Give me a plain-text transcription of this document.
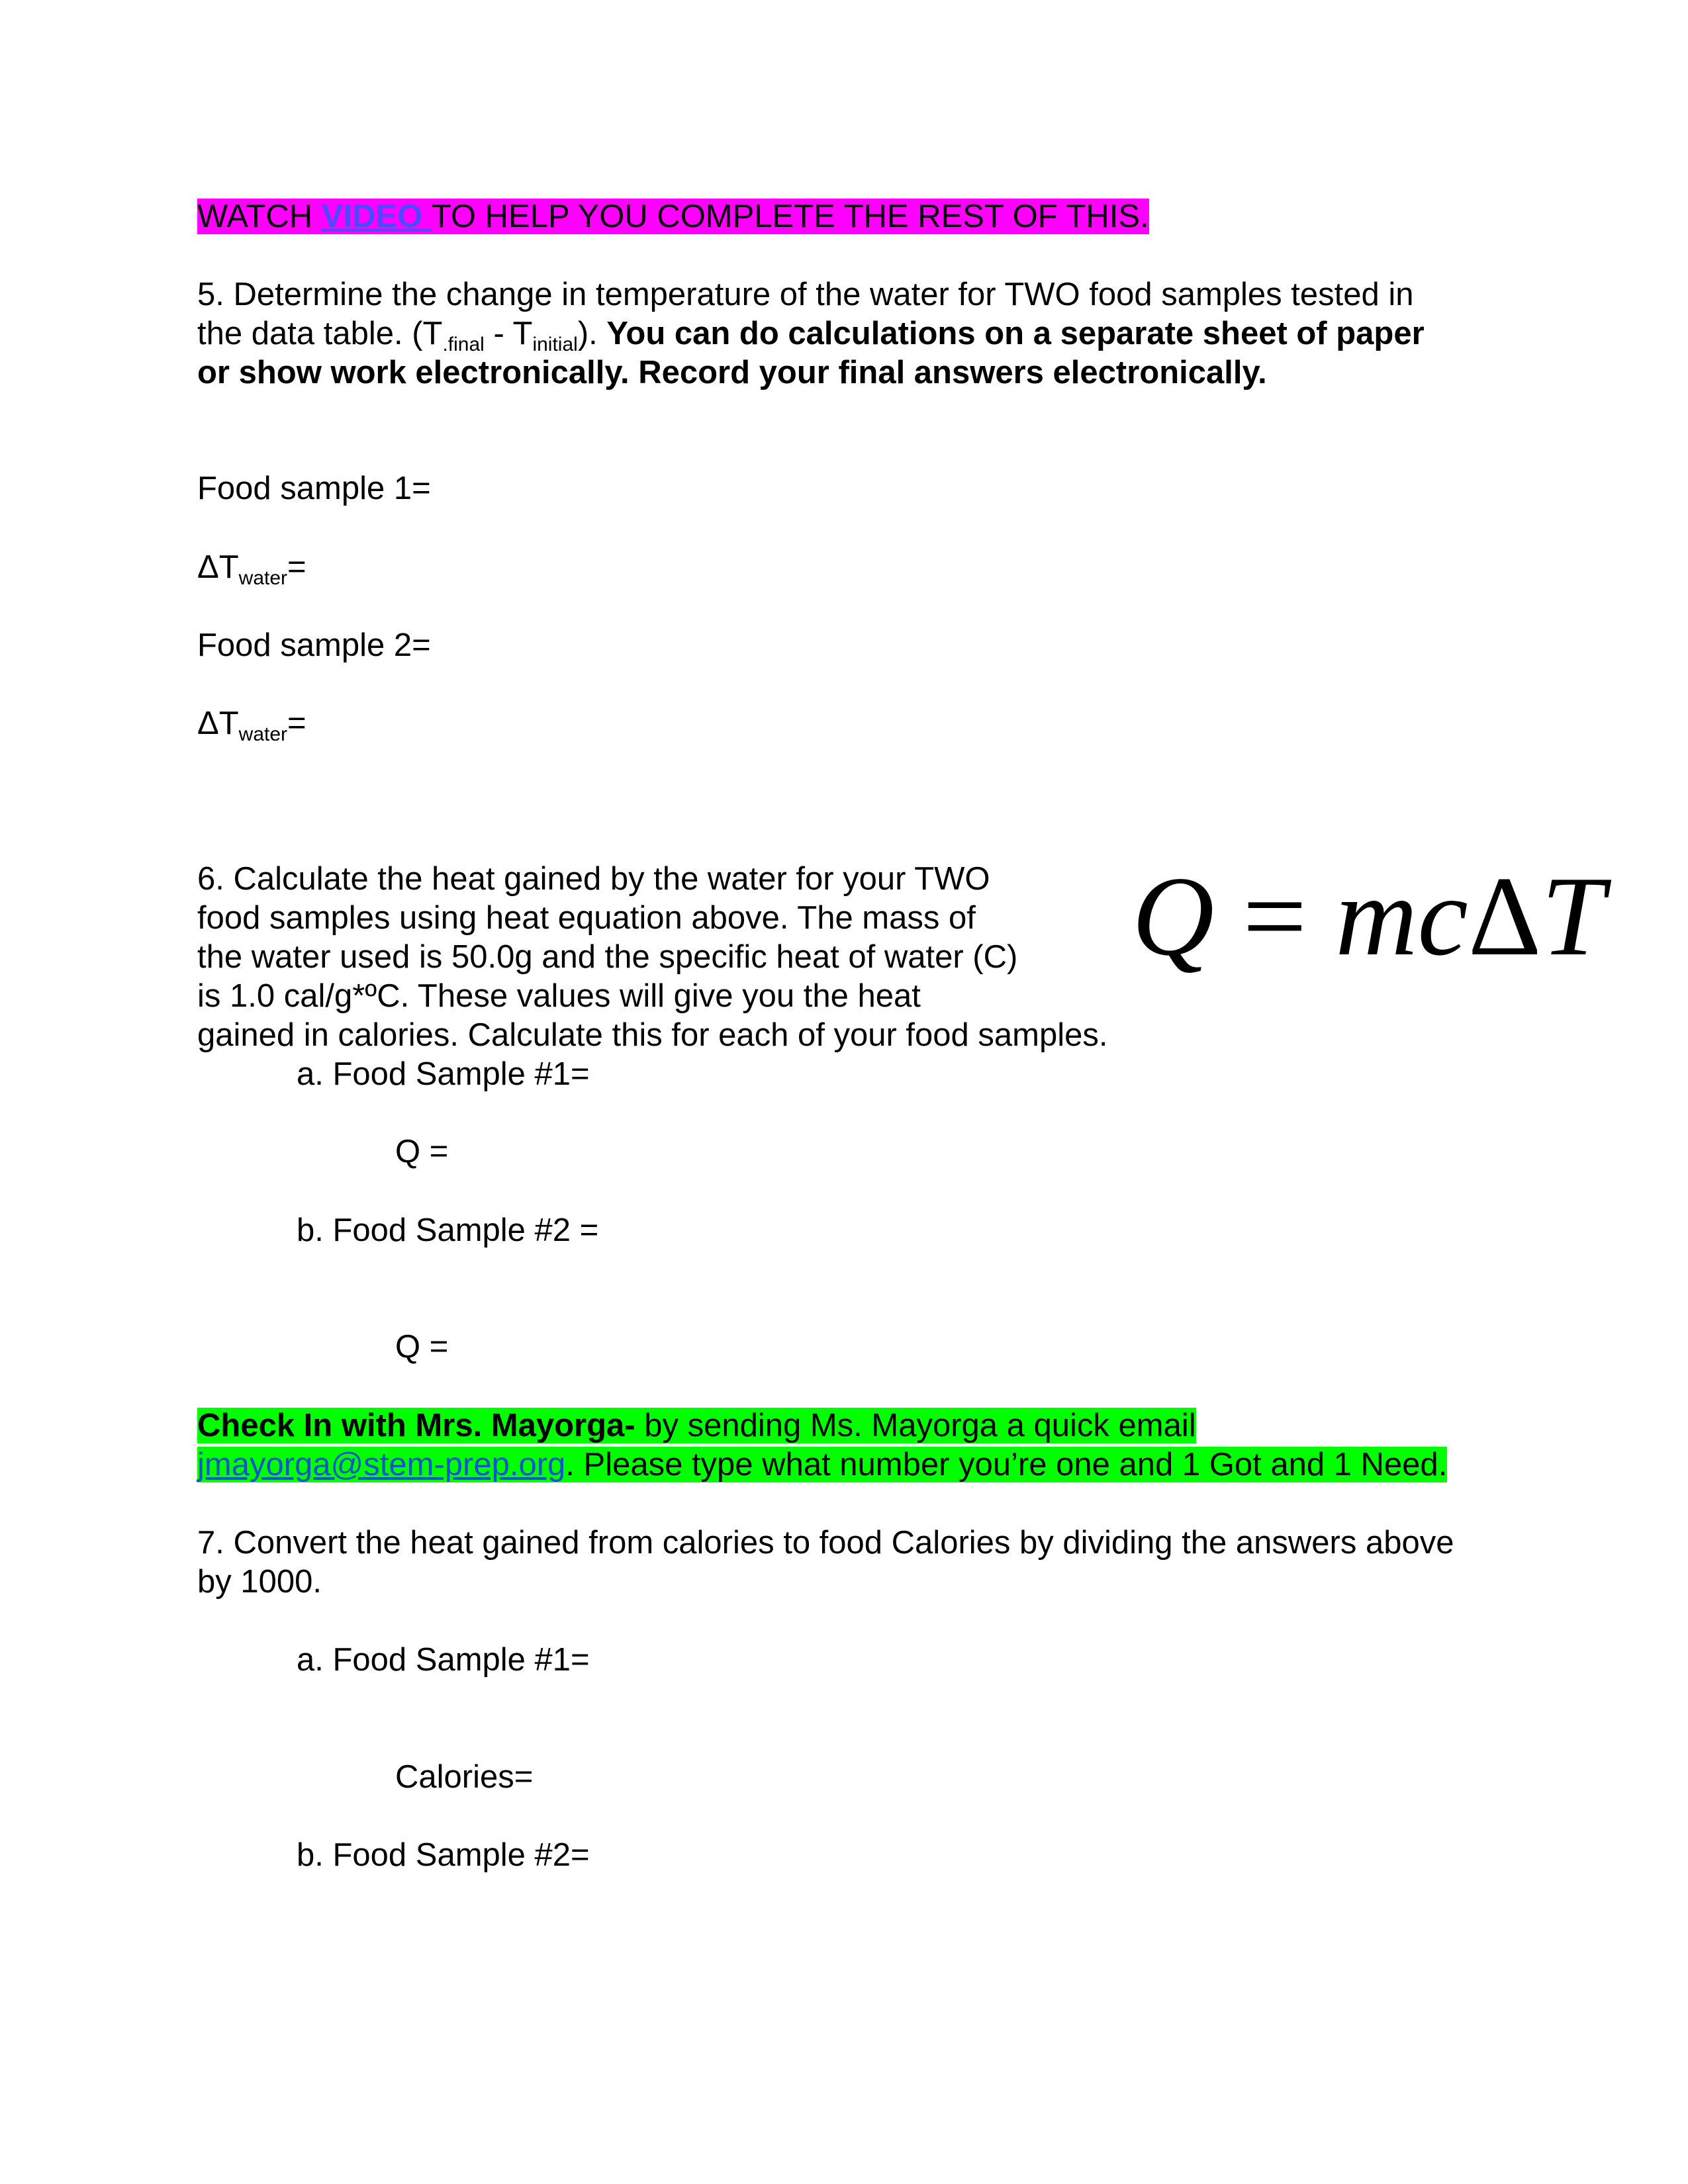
WATCH VIDEO TO HELP YOU COMPLETE THE REST OF THIS.
5. Determine the change in temperature of the water for TWO food samples tested in
the data table. $(T_{.final} - T_{initial})$. You can do calculations on a separate sheet of paper
or show work electronically. Record your final answers electronically.
Food sample 1=
$\Delta T_{water}=$
Food sample 2=
$\Delta T_{water}=$
6. Calculate the heat gained by the water for your TWO
food samples using heat equation above. The mass of
the water used is 50.0g and the specific heat of water (C)
is 1.0 cal/g*ºC. These values will give you the heat
gained in calories. Calculate this for each of your food samples.
a. Food Sample #1=
Q =
b. Food Sample #2 =
Q =
Q = mcΔT
Check In with Mrs. Mayorga- by sending Ms. Mayorga a quick email
jmayorga@stem-prep.org. Please type what number you’re one and 1 Got and 1 Need.
7. Convert the heat gained from calories to food Calories by dividing the answers above
by 1000.
a. Food Sample #1=
Calories=
b. Food Sample #2=
